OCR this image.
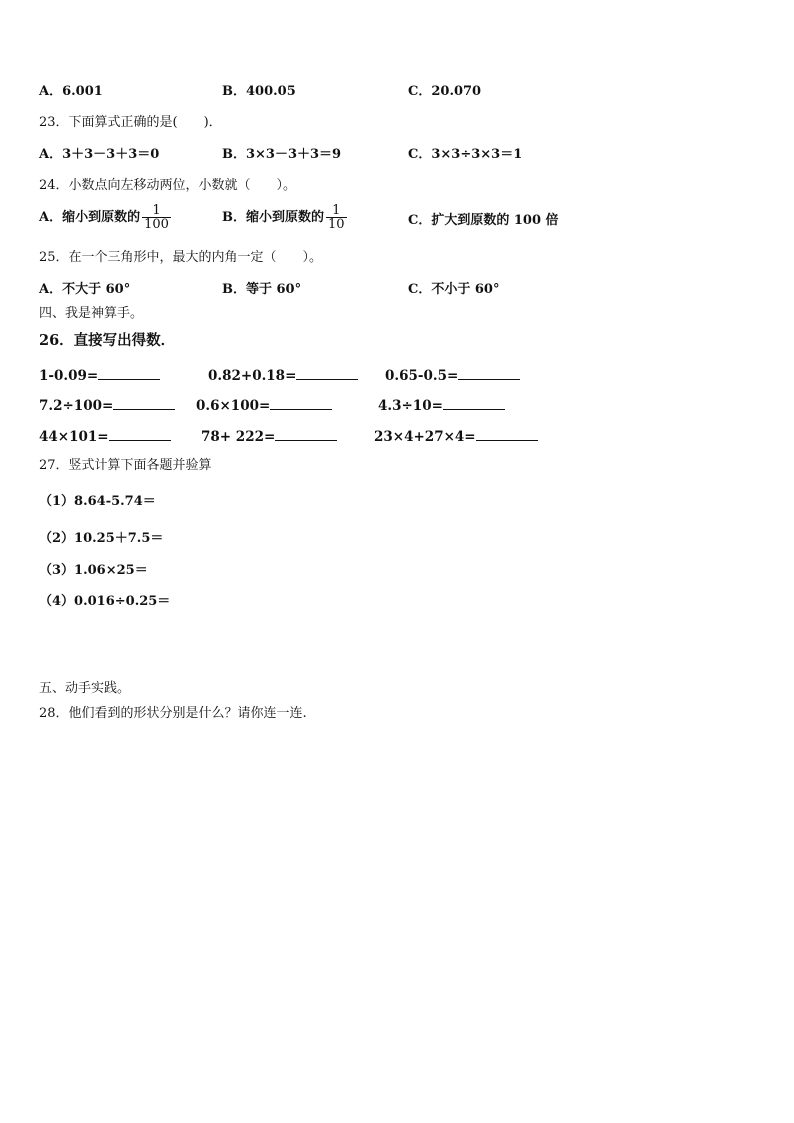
A．6.001	B．400.05	C．20.070
23．下面算式正确的是(　　)．
A．3＋3－3＋3＝0	B．3×3－3＋3＝9	C．3×3÷3×3＝1
24．小数点向左移动两位，小数就（　　）。
A．缩小到原数的 $\frac{1}{100}$	B．缩小到原数的 $\frac{1}{10}$	C．扩大到原数的 100 倍
25．在一个三角形中，最大的内角一定（　　）。
A．不大于 60°	B．等于 60°	C．不小于 60°
四、我是神算手。
26．直接写出得数．
1-0.09=	0.82+0.18=	0.65-0.5=
7.2÷100=	0.6×100=	4.3÷10=
44×101=	78+ 222=	23×4+27×4=
27．竖式计算下面各题并验算
（1）8.64-5.74＝
（2）10.25＋7.5＝
（3）1.06×25＝
（4）0.016÷0.25＝
五、动手实践。
28．他们看到的形状分别是什么？请你连一连.
